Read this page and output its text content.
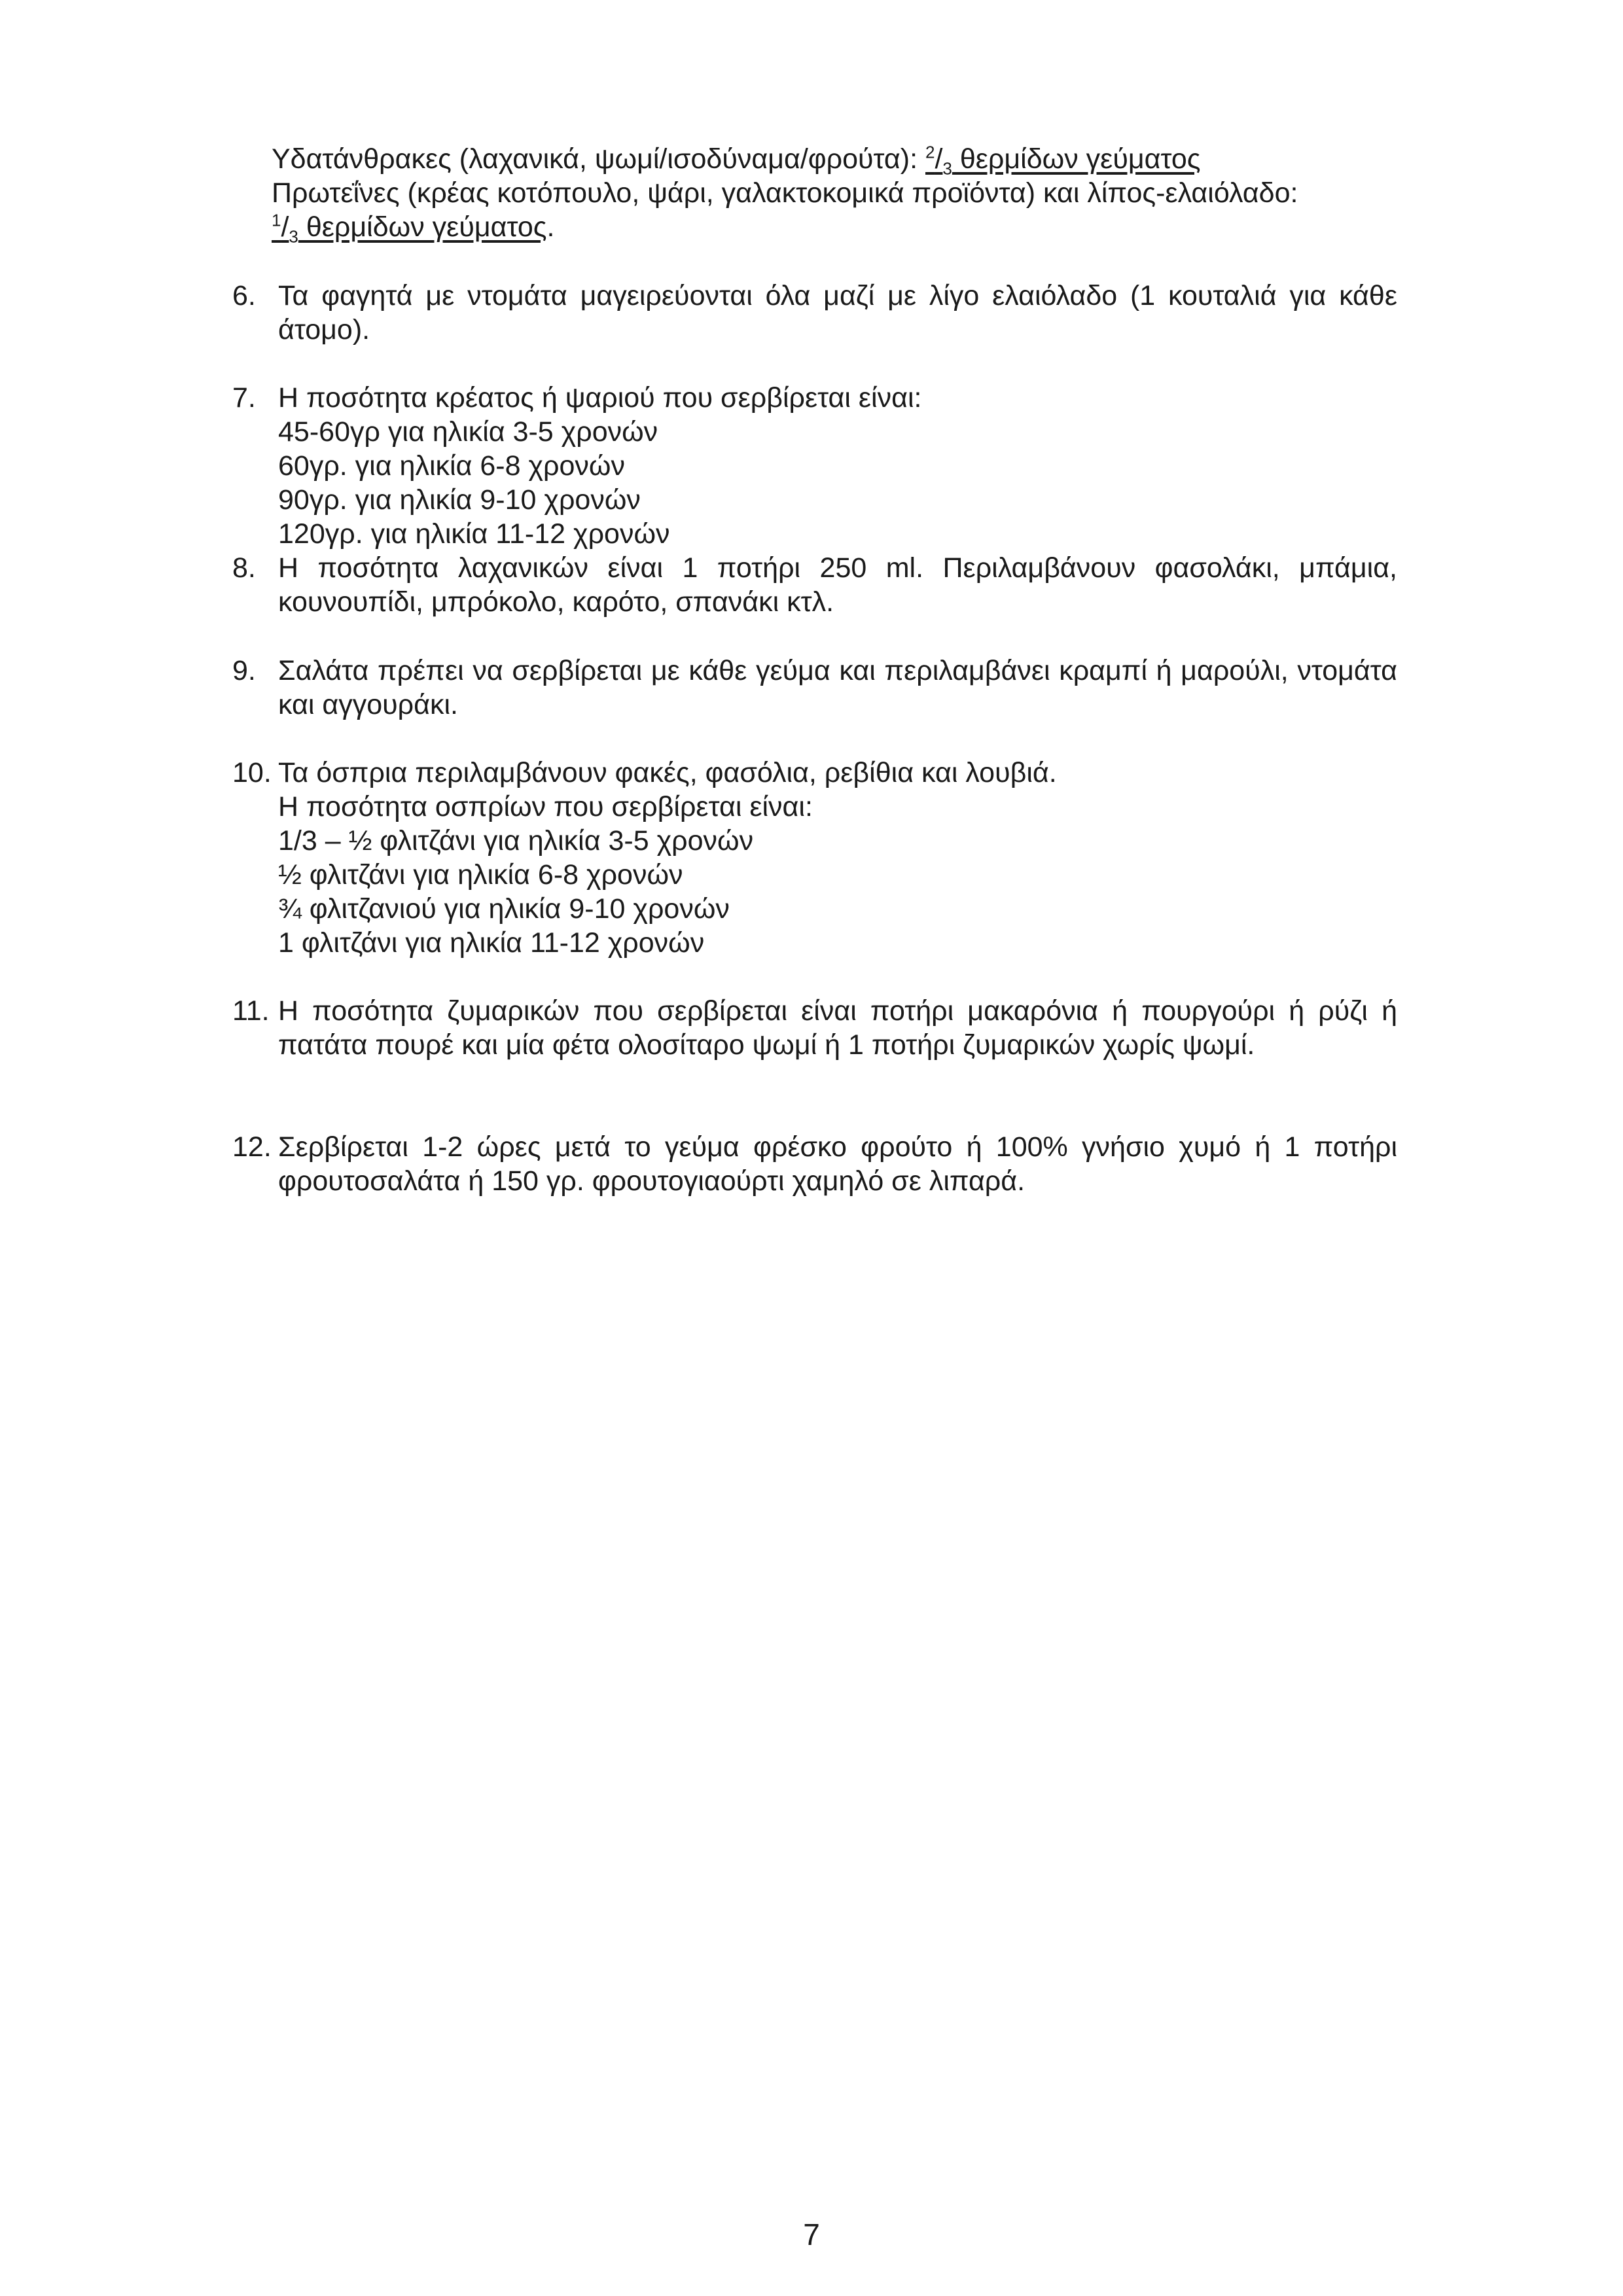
Υδατάνθρακες (λαχανικά, ψωμί/ισοδύναμα/φρούτα): $^2/_3$ θερμίδων γεύματος
Πρωτεΐνες (κρέας κοτόπουλο, ψάρι, γαλακτοκομικά προϊόντα) και λίπος-ελαιόλαδο:
$^1/_3$ θερμίδων γεύματος.
6. Τα φαγητά με ντομάτα μαγειρεύονται όλα μαζί με λίγο ελαιόλαδο (1 κουταλιά για κάθε άτομο).
7. Η ποσότητα κρέατος ή ψαριού που σερβίρεται είναι:
45-60γρ για ηλικία 3-5 χρονών
60γρ. για ηλικία 6-8 χρονών
90γρ. για ηλικία 9-10 χρονών
120γρ. για ηλικία 11-12 χρονών
8. Η ποσότητα λαχανικών είναι 1 ποτήρι 250 ml. Περιλαμβάνουν φασολάκι, μπάμια, κουνουπίδι, μπρόκολο, καρότο, σπανάκι κτλ.
9. Σαλάτα πρέπει να σερβίρεται με κάθε γεύμα και περιλαμβάνει κραμπί ή μαρούλι, ντομάτα και αγγουράκι.
10. Τα όσπρια περιλαμβάνουν φακές, φασόλια, ρεβίθια και λουβιά.
Η ποσότητα οσπρίων που σερβίρεται είναι:
1/3 – ½ φλιτζάνι για ηλικία 3-5 χρονών
½ φλιτζάνι για ηλικία 6-8 χρονών
¾ φλιτζανιού για ηλικία 9-10 χρονών
1 φλιτζάνι για ηλικία 11-12 χρονών
11. Η ποσότητα ζυμαρικών που σερβίρεται είναι ποτήρι μακαρόνια ή πουργούρι ή ρύζι ή πατάτα πουρέ και μία φέτα ολοσίταρο ψωμί ή 1 ποτήρι ζυμαρικών χωρίς ψωμί.
12. Σερβίρεται 1-2 ώρες μετά το γεύμα φρέσκο φρούτο ή 100% γνήσιο χυμό ή 1 ποτήρι φρουτοσαλάτα ή 150 γρ. φρουτογιαούρτι χαμηλό σε λιπαρά.
7
